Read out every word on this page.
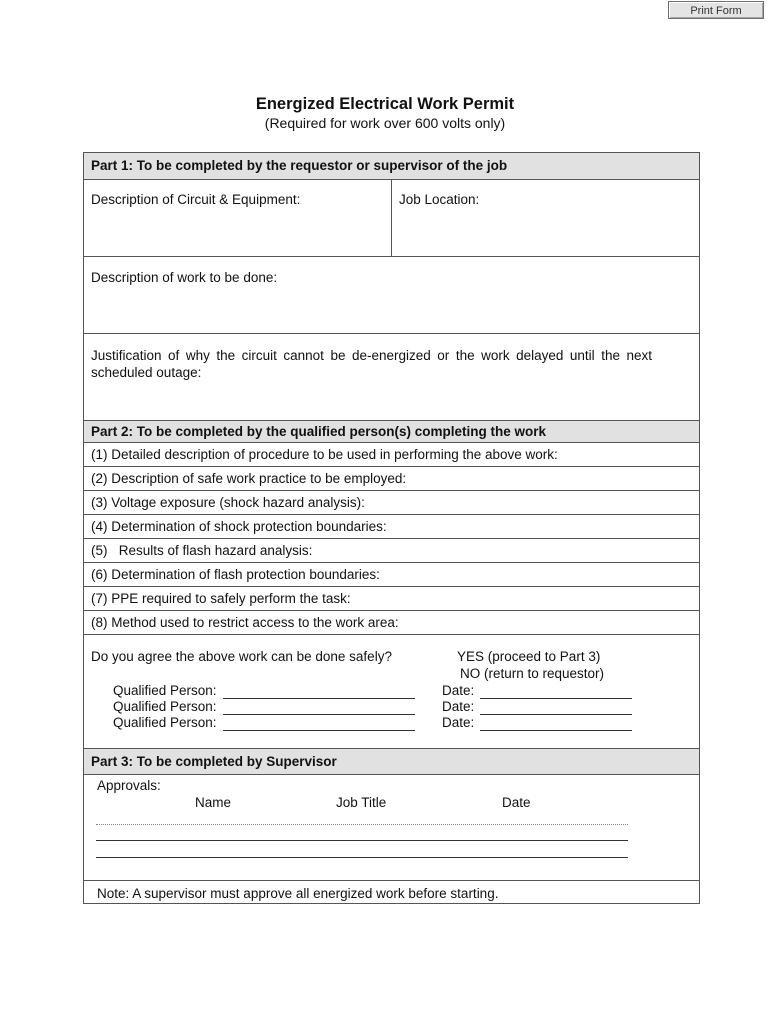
Print Form
Energized Electrical Work Permit
(Required for work over 600 volts only)
Part 1: To be completed by the requestor or supervisor of the job
Description of Circuit & Equipment:	Job Location:
Description of work to be done:
Justification of why the circuit cannot be de-energized or the work delayed until the next scheduled outage:
Part 2: To be completed by the qualified person(s) completing the work
(1) Detailed description of procedure to be used in performing the above work:
(2) Description of safe work practice to be employed:
(3) Voltage exposure (shock hazard analysis):
(4) Determination of shock protection boundaries:
(5)   Results of flash hazard analysis:
(6) Determination of flash protection boundaries:
(7) PPE required to safely perform the task:
(8) Method used to restrict access to the work area:
Do you agree the above work can be done safely?	YES (proceed to Part 3)
NO (return to requestor)
Qualified Person:	Date:
Qualified Person:	Date:
Qualified Person:	Date:
Part 3: To be completed by Supervisor
Approvals:
Name	Job Title	Date
Note: A supervisor must approve all energized work before starting.
